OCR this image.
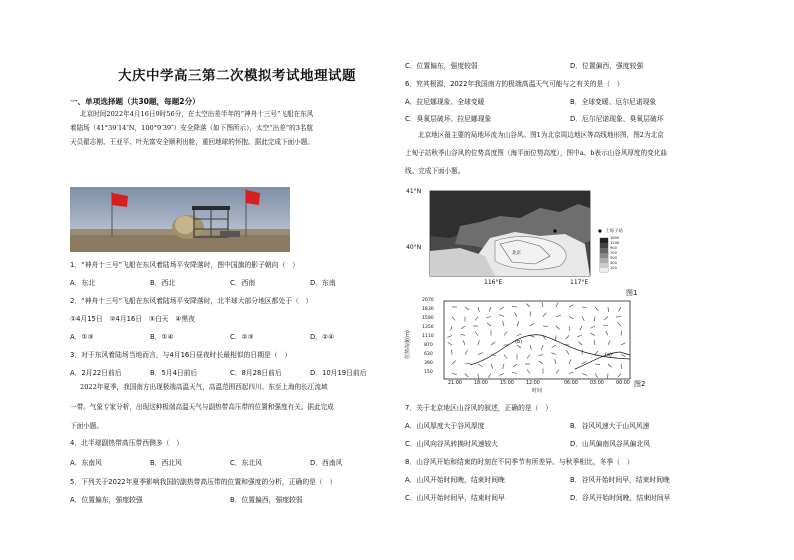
大庆中学高三第二次模拟考试地理试题
一、单项选择题（共30题，每题2分）
北京时间2022年4月16日9时56分，在太空出差半年的“神舟十三号”飞船在东风
着陆场（41°39′14″N，100°9′39″）安全降落（如下图所示），太空“出差”的3名航
天员翟志刚、王亚平、叶光富安全顺利出舱，重回地球的怀抱。据此完成下面小题。
1．“神舟十三号”飞船在东风着陆场平安降落时，图中国旗的影子朝向（　）
A．东北	B．西北	C．西南	D．东南
2．“神舟十三号”飞船在东风着陆场平安降落时，北半球大部分地区都处于（　）
①4月15日　②4月16日　③白天　④黑夜
A．①③	B．①④	C．②③	D．②④
3．对于东风着陆场当地而言，与4月16日昼夜时长最相似的日期是（　）
A．2月22日前后	B．5月4日前后	C．8月28日前后	D．10月19日前后
2022年夏季，我国南方出现极端高温天气，高温范围西起四川、东至上海的长江流域
一带。气象专家分析，出现这种极端高温天气与副热带高压带的位置和强度有关。据此完成
下面小题。
4．北半球副热带高压带西侧多（　）
A．东南风	B．西北风	C．东北风	D．西南风
5．下列关于2022年夏季影响我国的副热带高压带的位置和强度的分析，正确的是（　）
A．位置偏东，强度较强	B．位置偏西，强度较弱
C．位置偏东，强度较弱	D．位置偏西，强度较强
6．究其根源，2022年我国南方的极端高温天气可能与之有关的是（　）
A．拉尼娜现象、全球变暖	B．全球变暖、厄尔尼诺现象
C．臭氧层破坏、拉尼娜现象	D．厄尔尼诺现象、臭氧层破坏
北京地区最主要的局地环流为山谷风。图1为北京周边地区等高线地形图，图2为北京
上甸子站秋季山谷风的位势高度图（海平面位势高度），图中a、b表示山谷风厚度的变化曲
线。完成下面小题。
41°N
40°N
116°E	117°E
上甸子站
北京
1600
1200
900
700
500
300
100
图1
位势高度(m)
2070
1830
1590
1350
1110
870
630
390
150
21:00	18:00	15:00	12:00	06:00	03:00	00:00
时间
(b)
(a)
图2
7．关于北京地区山谷风的叙述，正确的是（　）
A．山风厚度大于谷风厚度	B．谷风风速大于山风风速
C．山风向谷风转换时风速较大	D．山风偏南风谷风偏北风
8．山谷风开始和结束的时刻在不同季节有所差异。与秋季相比，冬季（　）
A．山风开始时间晚，结束时间晚	B．谷风开始时间早，结束时间晚
C．山风开始时间早，结束时间早	D．谷风开始时间晚，结束时间早
